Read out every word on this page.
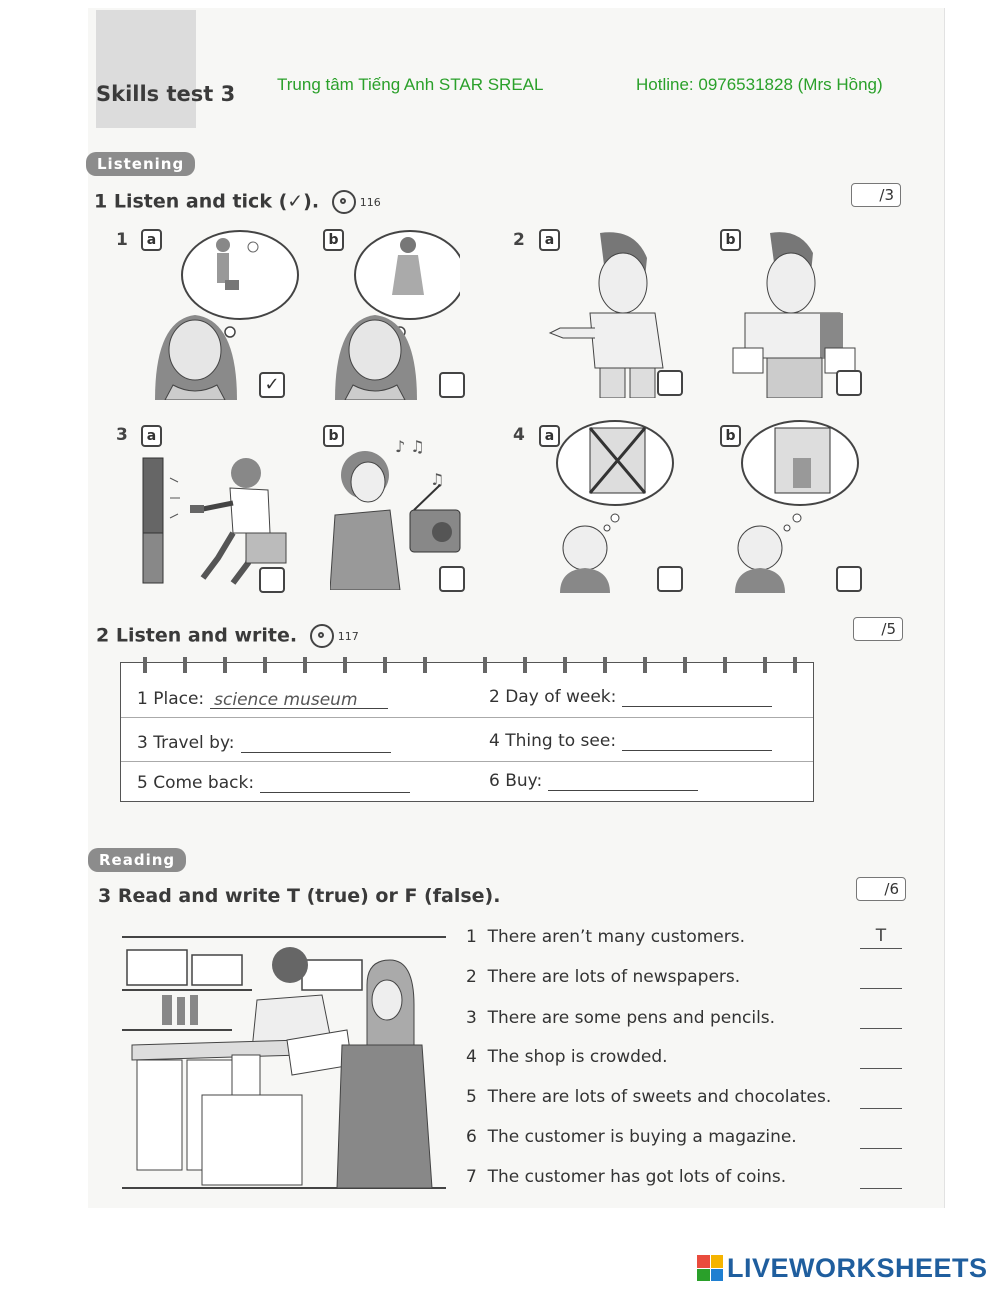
Skills test 3 Trung tâm Tiếng Anh STAR SREAL	Hotline: 0976531828 (Mrs Hồng)
Listening
1 Listen and tick (✓).	116	/3
1	a	b	2	a	b
3	a	b	4	a	b
♪ ♫
♫
✓
2 Listen and write.	117	/5
1 Place: science museum	2 Day of week:
3 Travel by:	4 Thing to see:
5 Come back:	6 Buy:
Reading
3 Read and write T (true) or F (false).	/6
1 There aren’t many customers.	T
2 There are lots of newspapers.
3 There are some pens and pencils.
4 The shop is crowded.
5 There are lots of sweets and chocolates.
6 The customer is buying a magazine.
7 The customer has got lots of coins.
LIVEWORKSHEETS
